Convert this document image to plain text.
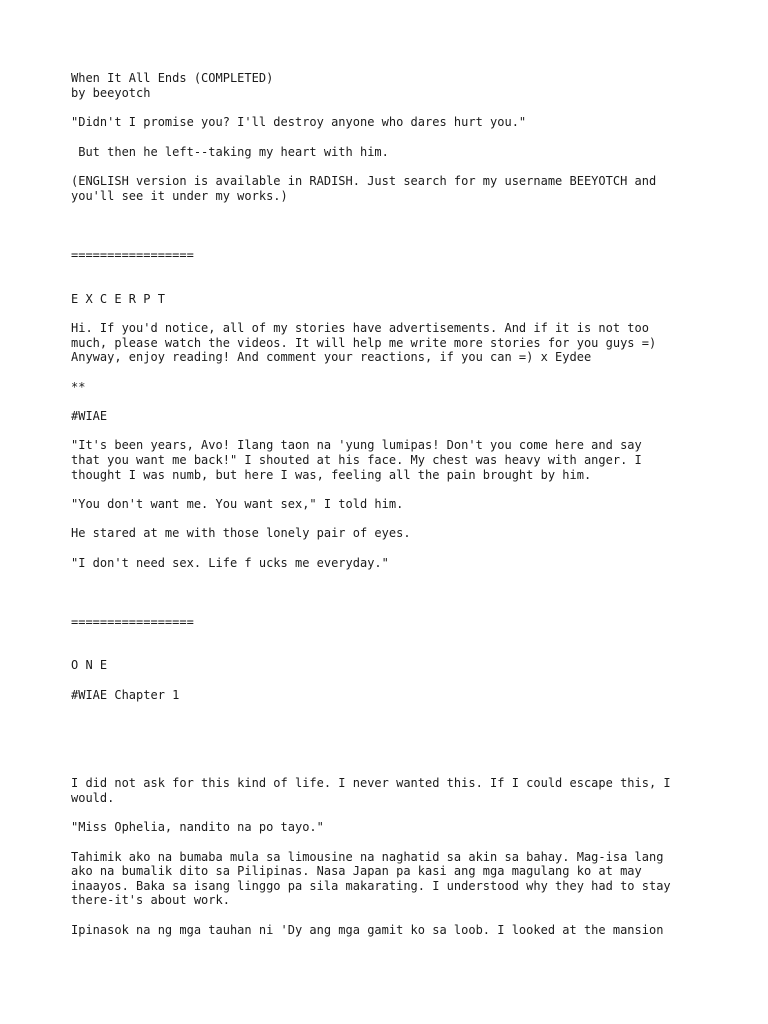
When It All Ends (COMPLETED)
by beeyotch
"Didn't I promise you? I'll destroy anyone who dares hurt you."
But then he left--taking my heart with him.
(ENGLISH version is available in RADISH. Just search for my username BEEYOTCH and
you'll see it under my works.)
=================
E X C E R P T
Hi. If you'd notice, all of my stories have advertisements. And if it is not too
much, please watch the videos. It will help me write more stories for you guys =)
Anyway, enjoy reading! And comment your reactions, if you can =) x Eydee
**
#WIAE
"It's been years, Avo! Ilang taon na 'yung lumipas! Don't you come here and say
that you want me back!" I shouted at his face. My chest was heavy with anger. I
thought I was numb, but here I was, feeling all the pain brought by him.
"You don't want me. You want sex," I told him.
He stared at me with those lonely pair of eyes.
"I don't need sex. Life f ucks me everyday."
=================
O N E
#WIAE Chapter 1
I did not ask for this kind of life. I never wanted this. If I could escape this, I
would.
"Miss Ophelia, nandito na po tayo."
Tahimik ako na bumaba mula sa limousine na naghatid sa akin sa bahay. Mag-isa lang
ako na bumalik dito sa Pilipinas. Nasa Japan pa kasi ang mga magulang ko at may
inaayos. Baka sa isang linggo pa sila makarating. I understood why they had to stay
there-it's about work.
Ipinasok na ng mga tauhan ni 'Dy ang mga gamit ko sa loob. I looked at the mansion
